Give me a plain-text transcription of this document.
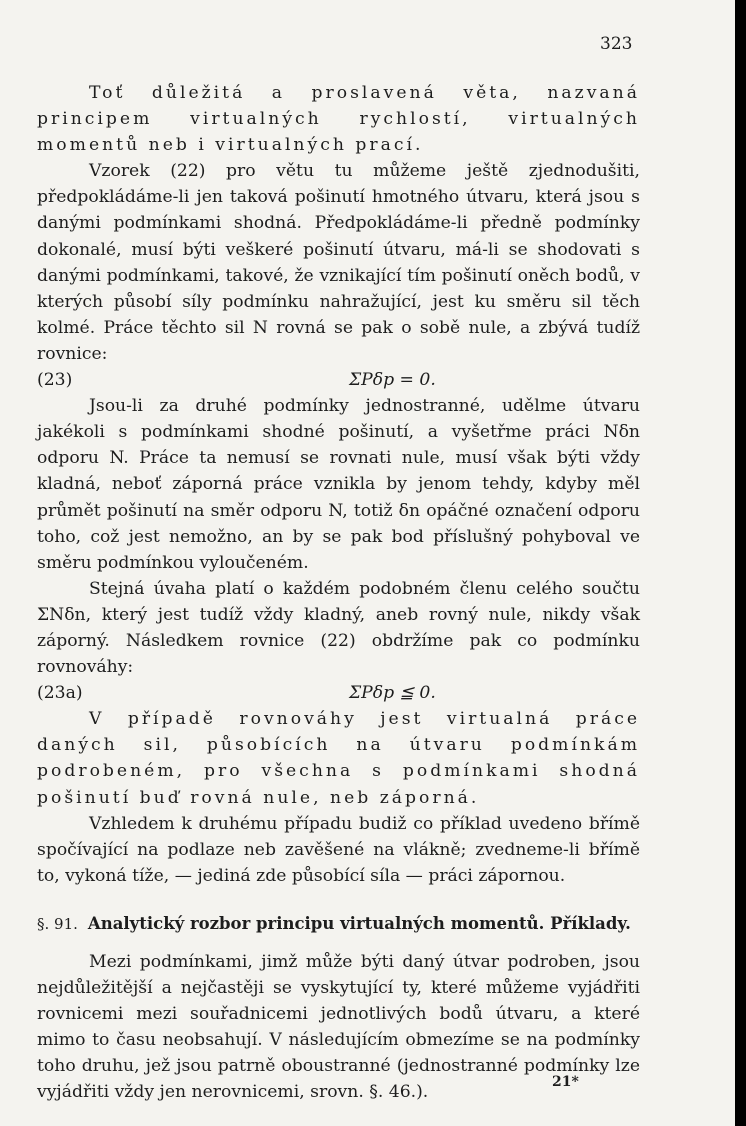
323

Toť důležitá a proslavená věta, nazvaná principem virtualných rychlostí, virtualných momentů neb i virtualných prací.

Vzorek (22) pro větu tu můžeme ještě zjednodušiti, předpokládáme-li jen taková pošinutí hmotného útvaru, která jsou s danými podmínkami shodná. Předpokládáme-li předně podmínky dokonalé, musí býti veškeré pošinutí útvaru, má-li se shodovati s danými podmínkami, takové, že vznikající tím pošinutí oněch bodů, v kterých působí síly podmínku nahražující, jest ku směru sil těch kolmé. Práce těchto sil N rovná se pak o sobě nule, a zbývá tudíž rovnice:

(23)	ΣPδp = 0.

Jsou-li za druhé podmínky jednostranné, udělme útvaru jakékoli s podmínkami shodné pošinutí, a vyšetřme práci Nδn odporu N. Práce ta nemusí se rovnati nule, musí však býti vždy kladná, neboť záporná práce vznikla by jenom tehdy, kdyby měl průmět pošinutí na směr odporu N, totiž δn opáčné označení odporu toho, což jest nemožno, an by se pak bod příslušný pohyboval ve směru podmínkou vyloučeném.

Stejná úvaha platí o každém podobném členu celého součtu ΣNδn, který jest tudíž vždy kladný, aneb rovný nule, nikdy však záporný. Následkem rovnice (22) obdržíme pak co podmínku rovnováhy:

(23a)	ΣPδp ≦ 0.

V případě rovnováhy jest virtualná práce daných sil, působících na útvaru podmínkám podrobeném, pro všechna s podmínkami shodná pošinutí buď rovná nule, neb záporná.

Vzhledem k druhému případu budiž co příklad uvedeno břímě spočívající na podlaze neb zavěšené na vlákně; zvedneme-li břímě to, vykoná tíže, — jediná zde působící síla — práci zápornou.

§. 91. Analytický rozbor principu virtualných momentů. Příklady.

Mezi podmínkami, jimž může býti daný útvar podroben, jsou nejdůležitější a nejčastěji se vyskytující ty, které můžeme vyjádřiti rovnicemi mezi souřadnicemi jednotlivých bodů útvaru, a které mimo to času neobsahují. V následujícím obmezíme se na podmínky toho druhu, jež jsou patrně oboustranné (jednostranné podmínky lze vyjádřiti vždy jen nerovnicemi, srovn. §. 46.).

21*
